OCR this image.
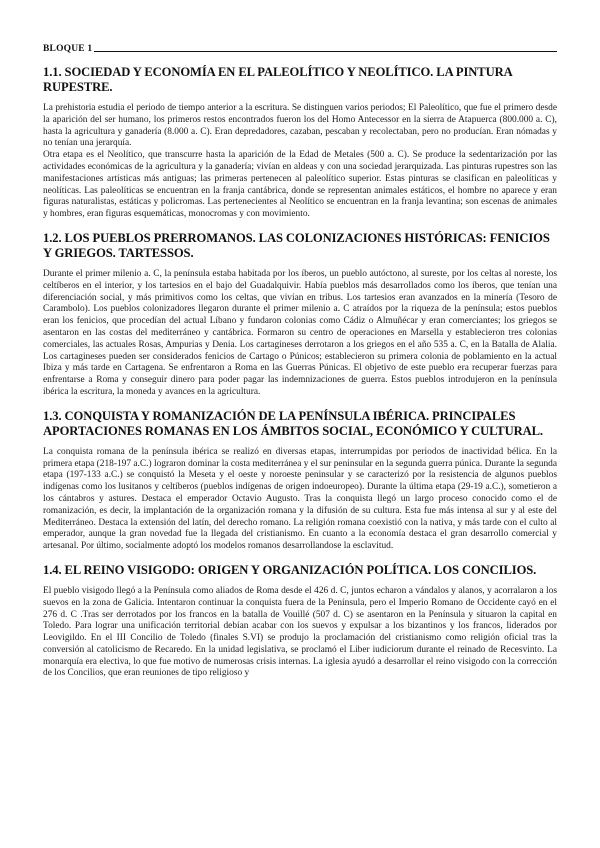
BLOQUE 1
1.1. SOCIEDAD Y ECONOMÍA EN EL PALEOLÍTICO Y NEOLÍTICO. LA PINTURA RUPESTRE.

La prehistoria estudia el periodo de tiempo anterior a la escritura. Se distinguen varios periodos; El Paleolítico, que fue el primero desde la aparición del ser humano, los primeros restos encontrados fueron los del Homo Antecessor en la sierra de Atapuerca (800.000 a. C), hasta la agricultura y ganadería (8.000 a. C). Eran depredadores, cazaban, pescaban y recolectaban, pero no producían. Eran nómadas y no tenían una jerarquía.

Otra etapa es el Neolítico, que transcurre hasta la aparición de la Edad de Metales (500 a. C). Se produce la sedentarización por las actividades económicas de la agricultura y la ganadería; vivían en aldeas y con una sociedad jerarquizada. Las pinturas rupestres son las manifestaciones artísticas más antiguas; las primeras pertenecen al paleolítico superior. Estas pinturas se clasifican en paleolíticas y neolíticas. Las paleolíticas se encuentran en la franja cantábrica, donde se representan animales estáticos, el hombre no aparece y eran figuras naturalistas, estáticas y policromas. Las pertenecientes al Neolítico se encuentran en la franja levantina; son escenas de animales y hombres, eran figuras esquemáticas, monocromas y con movimiento.

1.2. LOS PUEBLOS PRERROMANOS. LAS COLONIZACIONES HISTÓRICAS: FENICIOS Y GRIEGOS. TARTESSOS.

Durante el primer milenio a. C, la península estaba habitada por los íberos, un pueblo autóctono, al sureste, por los celtas al noreste, los celtíberos en el interior, y los tartesios en el bajo del Guadalquivir. Había pueblos más desarrollados como los íberos, que tenían una diferenciación social, y más primitivos como los celtas, que vivían en tribus. Los tartesios eran avanzados en la minería (Tesoro de Carambolo). Los pueblos colonizadores llegaron durante el primer milenio a. C atraídos por la riqueza de la península; estos pueblos eran los fenicios, que procedían del actual Líbano y fundaron colonias como Cádiz o Almuñécar y eran comerciantes; los griegos se asentaron en las costas del mediterráneo y cantábrica. Formaron su centro de operaciones en Marsella y establecieron tres colonias comerciales, las actuales Rosas, Ampurias y Denia. Los cartagineses derrotaron a los griegos en el año 535 a. C, en la Batalla de Alalia. Los cartagineses pueden ser considerados fenicios de Cartago o Púnicos; establecieron su primera colonia de poblamiento en la actual Ibiza y más tarde en Cartagena. Se enfrentaron a Roma en las Guerras Púnicas. El objetivo de este pueblo era recuperar fuerzas para enfrentarse a Roma y conseguir dinero para poder pagar las indemnizaciones de guerra. Estos pueblos introdujeron en la península ibérica la escritura, la moneda y avances en la agricultura.

1.3. CONQUISTA Y ROMANIZACIÓN DE LA PENÍNSULA IBÉRICA. PRINCIPALES APORTACIONES ROMANAS EN LOS ÁMBITOS SOCIAL, ECONÓMICO Y CULTURAL.

La conquista romana de la península ibérica se realizó en diversas etapas, interrumpidas por periodos de inactividad bélica. En la primera etapa (218-197 a.C.) lograron dominar la costa mediterránea y el sur peninsular en la segunda guerra púnica. Durante la segunda etapa (197-133 a.C.) se conquistó la Meseta y el oeste y noroeste peninsular y se caracterizó por la resistencia de algunos pueblos indígenas como los lusitanos y celtíberos (pueblos indígenas de origen indoeuropeo). Durante la última etapa (29-19 a.C.), sometieron a los cántabros y astures. Destaca el emperador Octavio Augusto. Tras la conquista llegó un largo proceso conocido como el de romanización, es decir, la implantación de la organización romana y la difusión de su cultura. Esta fue más intensa al sur y al este del Mediterráneo. Destaca la extensión del latín, del derecho romano. La religión romana coexistió con la nativa, y más tarde con el culto al emperador, aunque la gran novedad fue la llegada del cristianismo. En cuanto a la economía destaca el gran desarrollo comercial y artesanal. Por último, socialmente adoptó los modelos romanos desarrollandose la esclavitud.

1.4. EL REINO VISIGODO: ORIGEN Y ORGANIZACIÓN POLÍTICA. LOS CONCILIOS.

El pueblo visigodo llegó a la Península como aliados de Roma desde el 426 d. C, juntos echaron a vándalos y alanos, y acorralaron a los suevos en la zona de Galicia. Intentaron continuar la conquista fuera de la Península, pero el Imperio Romano de Occidente cayó en el 276 d. C .Tras ser derrotados por los francos en la batalla de Vouillé (507 d. C) se asentaron en la Península y situaron la capital en Toledo. Para lograr una unificación territorial debían acabar con los suevos y expulsar a los bizantinos y los francos, liderados por Leovigildo. En el III Concilio de Toledo (finales S.VI) se produjo la proclamación del cristianismo como religión oficial tras la conversión al catolicismo de Recaredo. En la unidad legislativa, se proclamó el Liber iudiciorum durante el reinado de Recesvinto. La monarquía era electiva, lo que fue motivo de numerosas crisis internas. La iglesia ayudó a desarrollar el reino visigodo con la corrección de los Concilios, que eran reuniones de tipo religioso y
